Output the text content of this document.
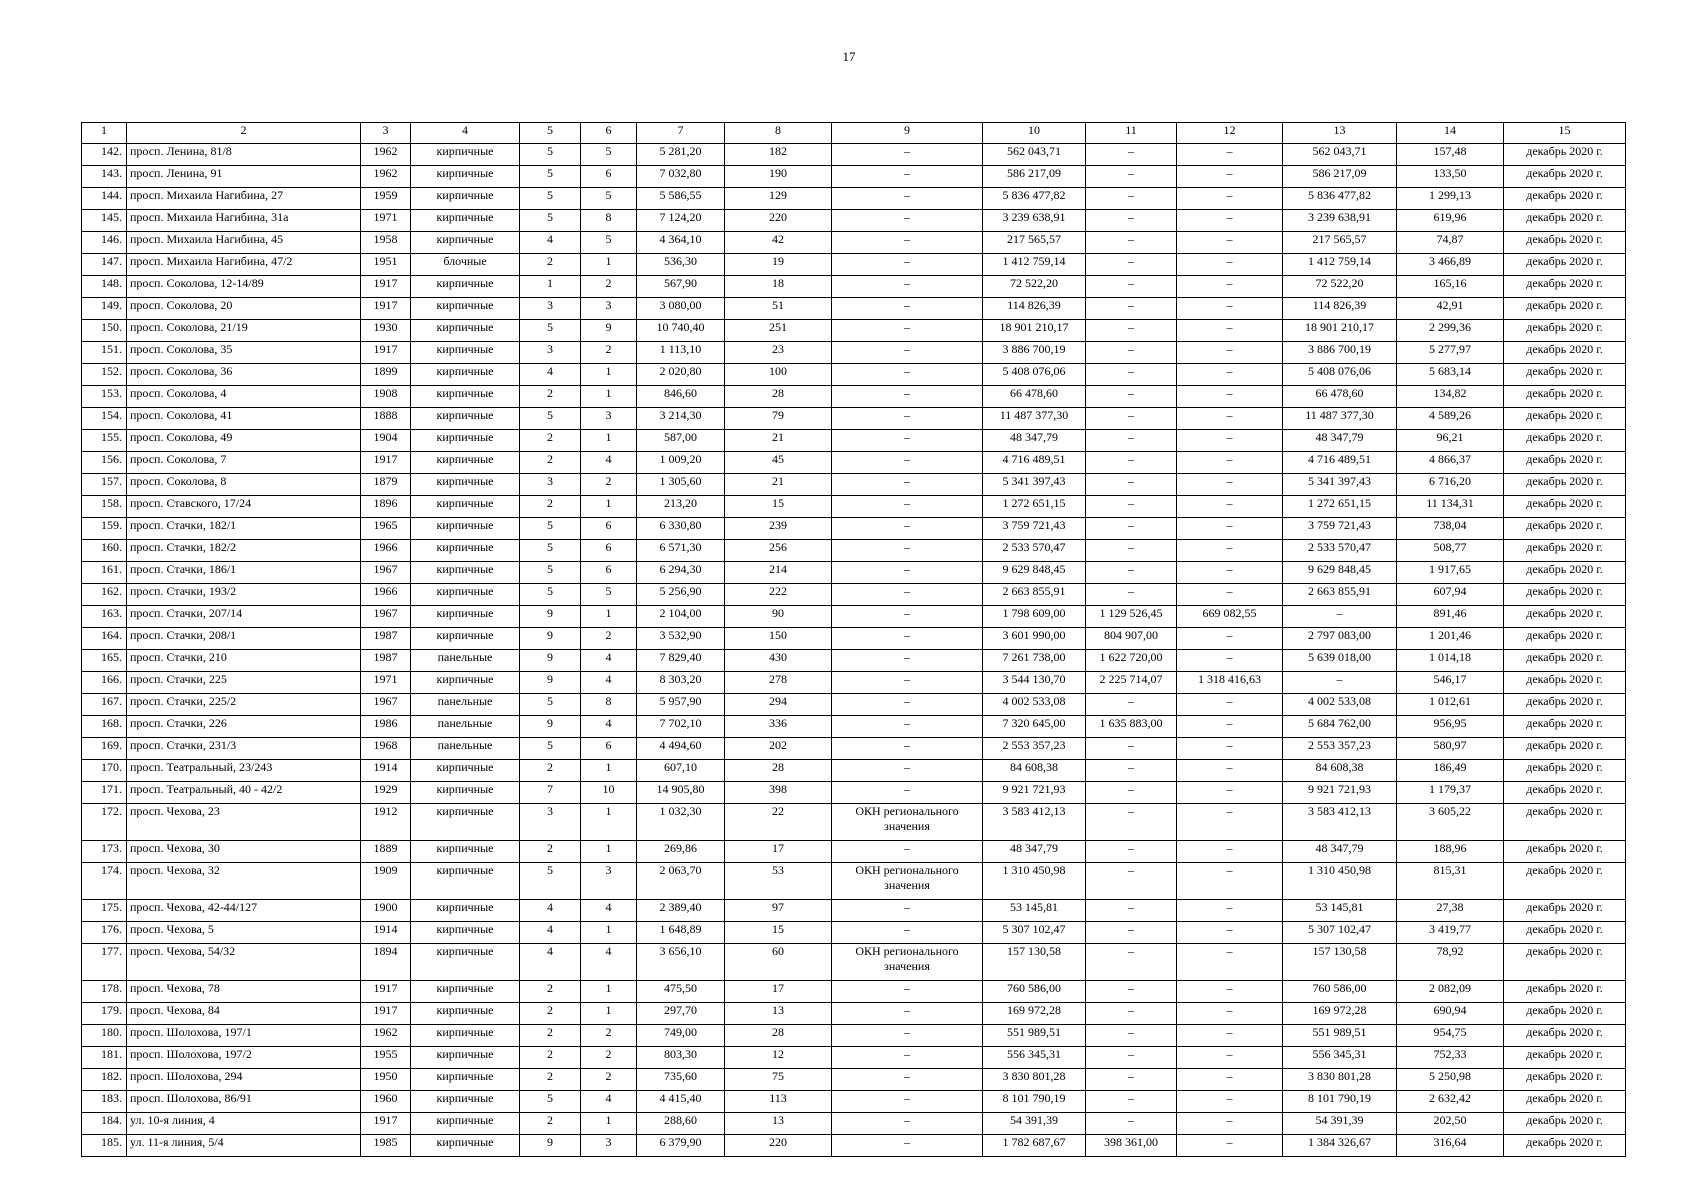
17
1	2	3	4	5	6	7	8	9	10	11	12	13	14	15
142.	просп. Ленина, 81/8	1962	кирпичные	5	5	5 281,20	182	–	562 043,71	–	–	562 043,71	157,48	декабрь 2020 г.
143.	просп. Ленина, 91	1962	кирпичные	5	6	7 032,80	190	–	586 217,09	–	–	586 217,09	133,50	декабрь 2020 г.
144.	просп. Михаила Нагибина, 27	1959	кирпичные	5	5	5 586,55	129	–	5 836 477,82	–	–	5 836 477,82	1 299,13	декабрь 2020 г.
145.	просп. Михаила Нагибина, 31а	1971	кирпичные	5	8	7 124,20	220	–	3 239 638,91	–	–	3 239 638,91	619,96	декабрь 2020 г.
146.	просп. Михаила Нагибина, 45	1958	кирпичные	4	5	4 364,10	42	–	217 565,57	–	–	217 565,57	74,87	декабрь 2020 г.
147.	просп. Михаила Нагибина, 47/2	1951	блочные	2	1	536,30	19	–	1 412 759,14	–	–	1 412 759,14	3 466,89	декабрь 2020 г.
148.	просп. Соколова, 12-14/89	1917	кирпичные	1	2	567,90	18	–	72 522,20	–	–	72 522,20	165,16	декабрь 2020 г.
149.	просп. Соколова, 20	1917	кирпичные	3	3	3 080,00	51	–	114 826,39	–	–	114 826,39	42,91	декабрь 2020 г.
150.	просп. Соколова, 21/19	1930	кирпичные	5	9	10 740,40	251	–	18 901 210,17	–	–	18 901 210,17	2 299,36	декабрь 2020 г.
151.	просп. Соколова, 35	1917	кирпичные	3	2	1 113,10	23	–	3 886 700,19	–	–	3 886 700,19	5 277,97	декабрь 2020 г.
152.	просп. Соколова, 36	1899	кирпичные	4	1	2 020,80	100	–	5 408 076,06	–	–	5 408 076,06	5 683,14	декабрь 2020 г.
153.	просп. Соколова, 4	1908	кирпичные	2	1	846,60	28	–	66 478,60	–	–	66 478,60	134,82	декабрь 2020 г.
154.	просп. Соколова, 41	1888	кирпичные	5	3	3 214,30	79	–	11 487 377,30	–	–	11 487 377,30	4 589,26	декабрь 2020 г.
155.	просп. Соколова, 49	1904	кирпичные	2	1	587,00	21	–	48 347,79	–	–	48 347,79	96,21	декабрь 2020 г.
156.	просп. Соколова, 7	1917	кирпичные	2	4	1 009,20	45	–	4 716 489,51	–	–	4 716 489,51	4 866,37	декабрь 2020 г.
157.	просп. Соколова, 8	1879	кирпичные	3	2	1 305,60	21	–	5 341 397,43	–	–	5 341 397,43	6 716,20	декабрь 2020 г.
158.	просп. Ставского, 17/24	1896	кирпичные	2	1	213,20	15	–	1 272 651,15	–	–	1 272 651,15	11 134,31	декабрь 2020 г.
159.	просп. Стачки, 182/1	1965	кирпичные	5	6	6 330,80	239	–	3 759 721,43	–	–	3 759 721,43	738,04	декабрь 2020 г.
160.	просп. Стачки, 182/2	1966	кирпичные	5	6	6 571,30	256	–	2 533 570,47	–	–	2 533 570,47	508,77	декабрь 2020 г.
161.	просп. Стачки, 186/1	1967	кирпичные	5	6	6 294,30	214	–	9 629 848,45	–	–	9 629 848,45	1 917,65	декабрь 2020 г.
162.	просп. Стачки, 193/2	1966	кирпичные	5	5	5 256,90	222	–	2 663 855,91	–	–	2 663 855,91	607,94	декабрь 2020 г.
163.	просп. Стачки, 207/14	1967	кирпичные	9	1	2 104,00	90	–	1 798 609,00	1 129 526,45	669 082,55	–	891,46	декабрь 2020 г.
164.	просп. Стачки, 208/1	1987	кирпичные	9	2	3 532,90	150	–	3 601 990,00	804 907,00	–	2 797 083,00	1 201,46	декабрь 2020 г.
165.	просп. Стачки, 210	1987	панельные	9	4	7 829,40	430	–	7 261 738,00	1 622 720,00	–	5 639 018,00	1 014,18	декабрь 2020 г.
166.	просп. Стачки, 225	1971	кирпичные	9	4	8 303,20	278	–	3 544 130,70	2 225 714,07	1 318 416,63	–	546,17	декабрь 2020 г.
167.	просп. Стачки, 225/2	1967	панельные	5	8	5 957,90	294	–	4 002 533,08	–	–	4 002 533,08	1 012,61	декабрь 2020 г.
168.	просп. Стачки, 226	1986	панельные	9	4	7 702,10	336	–	7 320 645,00	1 635 883,00	–	5 684 762,00	956,95	декабрь 2020 г.
169.	просп. Стачки, 231/3	1968	панельные	5	6	4 494,60	202	–	2 553 357,23	–	–	2 553 357,23	580,97	декабрь 2020 г.
170.	просп. Театральный, 23/243	1914	кирпичные	2	1	607,10	28	–	84 608,38	–	–	84 608,38	186,49	декабрь 2020 г.
171.	просп. Театральный, 40 - 42/2	1929	кирпичные	7	10	14 905,80	398	–	9 921 721,93	–	–	9 921 721,93	1 179,37	декабрь 2020 г.
172.	просп. Чехова, 23	1912	кирпичные	3	1	1 032,30	22	ОКН регионального значения	3 583 412,13	–	–	3 583 412,13	3 605,22	декабрь 2020 г.
173.	просп. Чехова, 30	1889	кирпичные	2	1	269,86	17	–	48 347,79	–	–	48 347,79	188,96	декабрь 2020 г.
174.	просп. Чехова, 32	1909	кирпичные	5	3	2 063,70	53	ОКН регионального значения	1 310 450,98	–	–	1 310 450,98	815,31	декабрь 2020 г.
175.	просп. Чехова, 42-44/127	1900	кирпичные	4	4	2 389,40	97	–	53 145,81	–	–	53 145,81	27,38	декабрь 2020 г.
176.	просп. Чехова, 5	1914	кирпичные	4	1	1 648,89	15	–	5 307 102,47	–	–	5 307 102,47	3 419,77	декабрь 2020 г.
177.	просп. Чехова, 54/32	1894	кирпичные	4	4	3 656,10	60	ОКН регионального значения	157 130,58	–	–	157 130,58	78,92	декабрь 2020 г.
178.	просп. Чехова, 78	1917	кирпичные	2	1	475,50	17	–	760 586,00	–	–	760 586,00	2 082,09	декабрь 2020 г.
179.	просп. Чехова, 84	1917	кирпичные	2	1	297,70	13	–	169 972,28	–	–	169 972,28	690,94	декабрь 2020 г.
180.	просп. Шолохова, 197/1	1962	кирпичные	2	2	749,00	28	–	551 989,51	–	–	551 989,51	954,75	декабрь 2020 г.
181.	просп. Шолохова, 197/2	1955	кирпичные	2	2	803,30	12	–	556 345,31	–	–	556 345,31	752,33	декабрь 2020 г.
182.	просп. Шолохова, 294	1950	кирпичные	2	2	735,60	75	–	3 830 801,28	–	–	3 830 801,28	5 250,98	декабрь 2020 г.
183.	просп. Шолохова, 86/91	1960	кирпичные	5	4	4 415,40	113	–	8 101 790,19	–	–	8 101 790,19	2 632,42	декабрь 2020 г.
184.	ул. 10-я линия, 4	1917	кирпичные	2	1	288,60	13	–	54 391,39	–	–	54 391,39	202,50	декабрь 2020 г.
185.	ул. 11-я линия, 5/4	1985	кирпичные	9	3	6 379,90	220	–	1 782 687,67	398 361,00	–	1 384 326,67	316,64	декабрь 2020 г.
